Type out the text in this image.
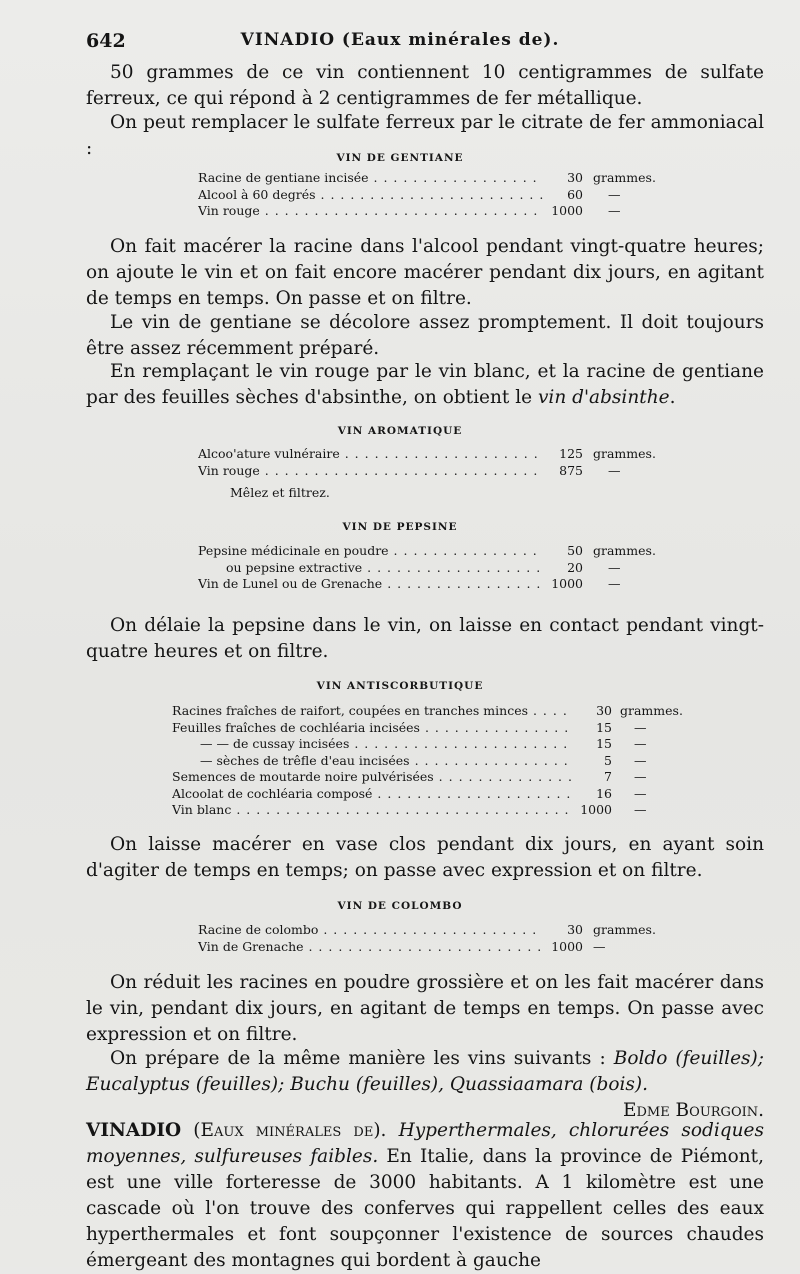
642	VINADIO (Eaux minérales de).

50 grammes de ce vin contiennent 10 centigrammes de sulfate ferreux, ce qui répond à 2 centigrammes de fer métallique.

On peut remplacer le sulfate ferreux par le citrate de fer ammoniacal :	VIN DE GENTIANE
Racine de gentiane incisée . . .	30 grammes.
Alcool à 60 degrés . . .	60 —
Vin rouge . . .	1000 —

On fait macérer la racine dans l'alcool pendant vingt-quatre heures; on ajoute le vin et on fait encore macérer pendant dix jours, en agitant de temps en temps. On passe et on filtre.

Le vin de gentiane se décolore assez promptement. Il doit toujours être assez récemment préparé.

En remplaçant le vin rouge par le vin blanc, et la racine de gentiane par des feuilles sèches d'absinthe, on obtient le vin d'absinthe.

VIN AROMATIQUE
Alcoo'ature vulnéraire . . .	125 grammes.
Vin rouge . . .	875 —
Mêlez et filtrez.
VIN DE PEPSINE
Pepsine médicinale en poudre . . .	50 grammes.
ou pepsine extractive . . .	20 —
Vin de Lunel ou de Grenache . . .	1000 —

On délaie la pepsine dans le vin, on laisse en contact pendant vingt-quatre heures et on filtre.

VIN ANTISCORBUTIQUE
Racines fraîches de raifort, coupées en tranches minces . . .	30 grammes.
Feuilles fraîches de cochléaria incisées . . .	15 —
— — de cussay incisées . . .	15 —
— sèches de trêfle d'eau incisées . . .	5 —
Semences de moutarde noire pulvérisées . . .	7 —
Alcoolat de cochléaria composé . . .	16 —
Vin blanc . . .	1000 —

On laisse macérer en vase clos pendant dix jours, en ayant soin d'agiter de temps en temps; on passe avec expression et on filtre.

VIN DE COLOMBO
Racine de colombo . . .	30 grammes.
Vin de Grenache . . .	1000 —

On réduit les racines en poudre grossière et on les fait macérer dans le vin, pendant dix jours, en agitant de temps en temps. On passe avec expression et on filtre.

On prépare de la même manière les vins suivants : Boldo (feuilles); Eucalyptus (feuilles); Buchu (feuilles), Quassiaamara (bois).
Edme Bourgoin.

VINADIO (Eaux minérales de). Hyperthermales, chlorurées sodiques moyennes, sulfureuses faibles. En Italie, dans la province de Piémont, est une ville forteresse de 3000 habitants. A 1 kilomètre est une cascade où l'on trouve des conferves qui rappellent celles des eaux hyperthermales et font soupçonner l'existence de sources chaudes émergeant des montagnes qui bordent à gauche
